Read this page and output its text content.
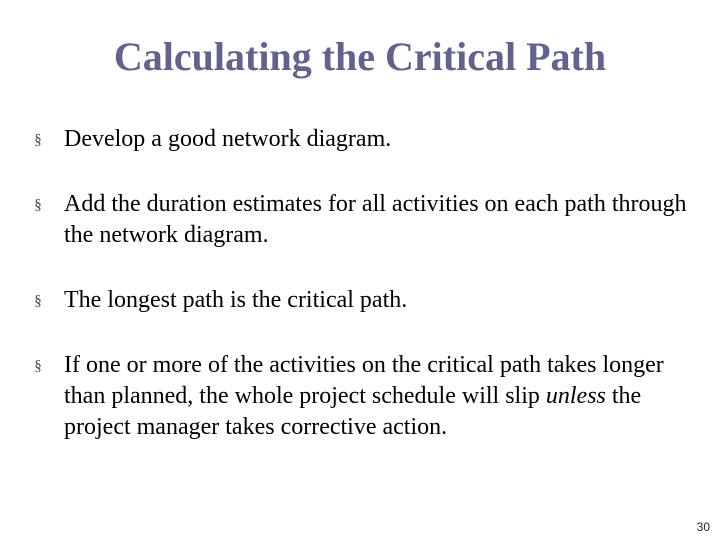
Calculating the Critical Path
§ Develop a good network diagram.
§ Add the duration estimates for all activities on each path through the network diagram.
§ The longest path is the critical path.
§ If one or more of the activities on the critical path takes longer than planned, the whole project schedule will slip unless the project manager takes corrective action.
30
